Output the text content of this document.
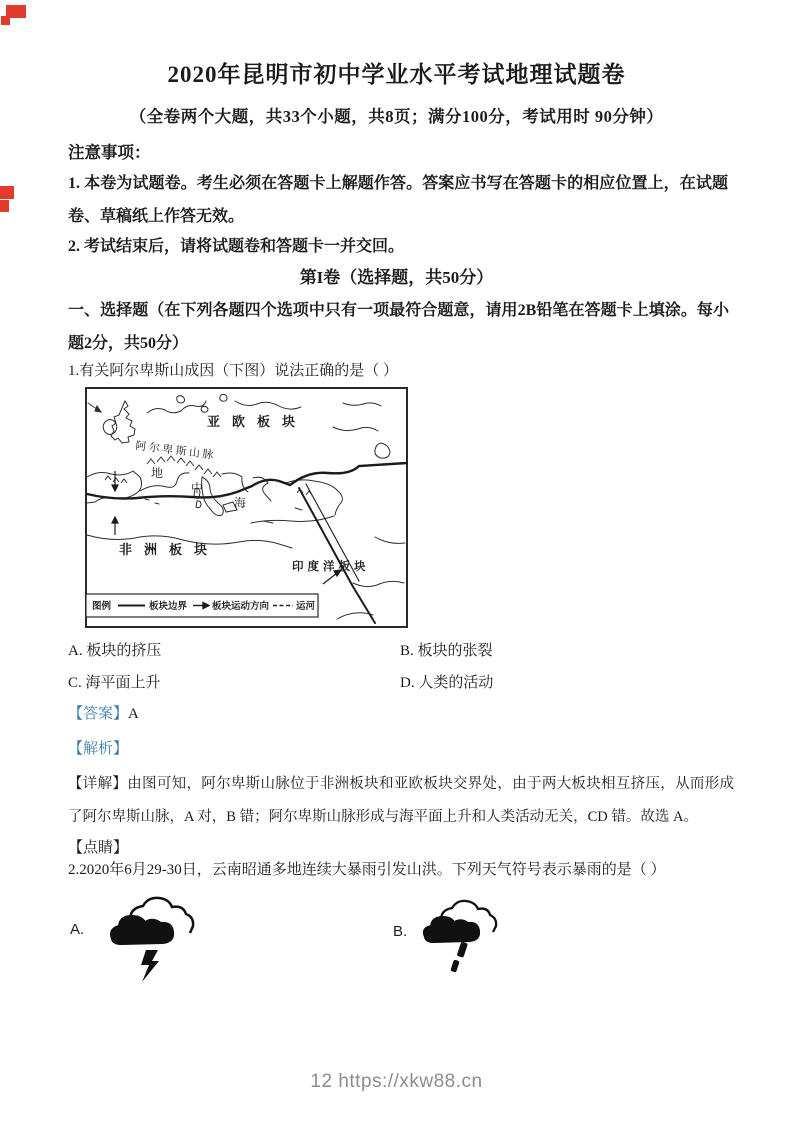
2020年昆明市初中学业水平考试地理试题卷
（全卷两个大题，共33个小题，共8页；满分100分，考试用时 90分钟）
注意事项：
1. 本卷为试题卷。考生必须在答题卡上解题作答。答案应书写在答题卡的相应位置上，在试题卷、草稿纸上作答无效。
2. 考试结束后，请将试题卷和答题卡一并交回。
第I卷（选择题，共50分）
一、选择题（在下列各题四个选项中只有一项最符合题意，请用2B铅笔在答题卡上填涂。每小题2分，共50分）
1.有关阿尔卑斯山成因（下图）说法正确的是（ ）
亚欧板块
非洲板块
印度洋板块
阿尔卑斯山脉
地
中
海
图例	板块边界	板块运动方向	运河
A. 板块的挤压	B. 板块的张裂
C. 海平面上升	D. 人类的活动
【答案】A
【解析】
【详解】由图可知，阿尔卑斯山脉位于非洲板块和亚欧板块交界处，由于两大板块相互挤压，从而形成了阿尔卑斯山脉，A 对，B 错；阿尔卑斯山脉形成与海平面上升和人类活动无关，CD 错。故选 A。
【点睛】
2.2020年6月29-30日，云南昭通多地连续大暴雨引发山洪。下列天气符号表示暴雨的是（ ）
A.	B.
12 https://xkw88.cn
